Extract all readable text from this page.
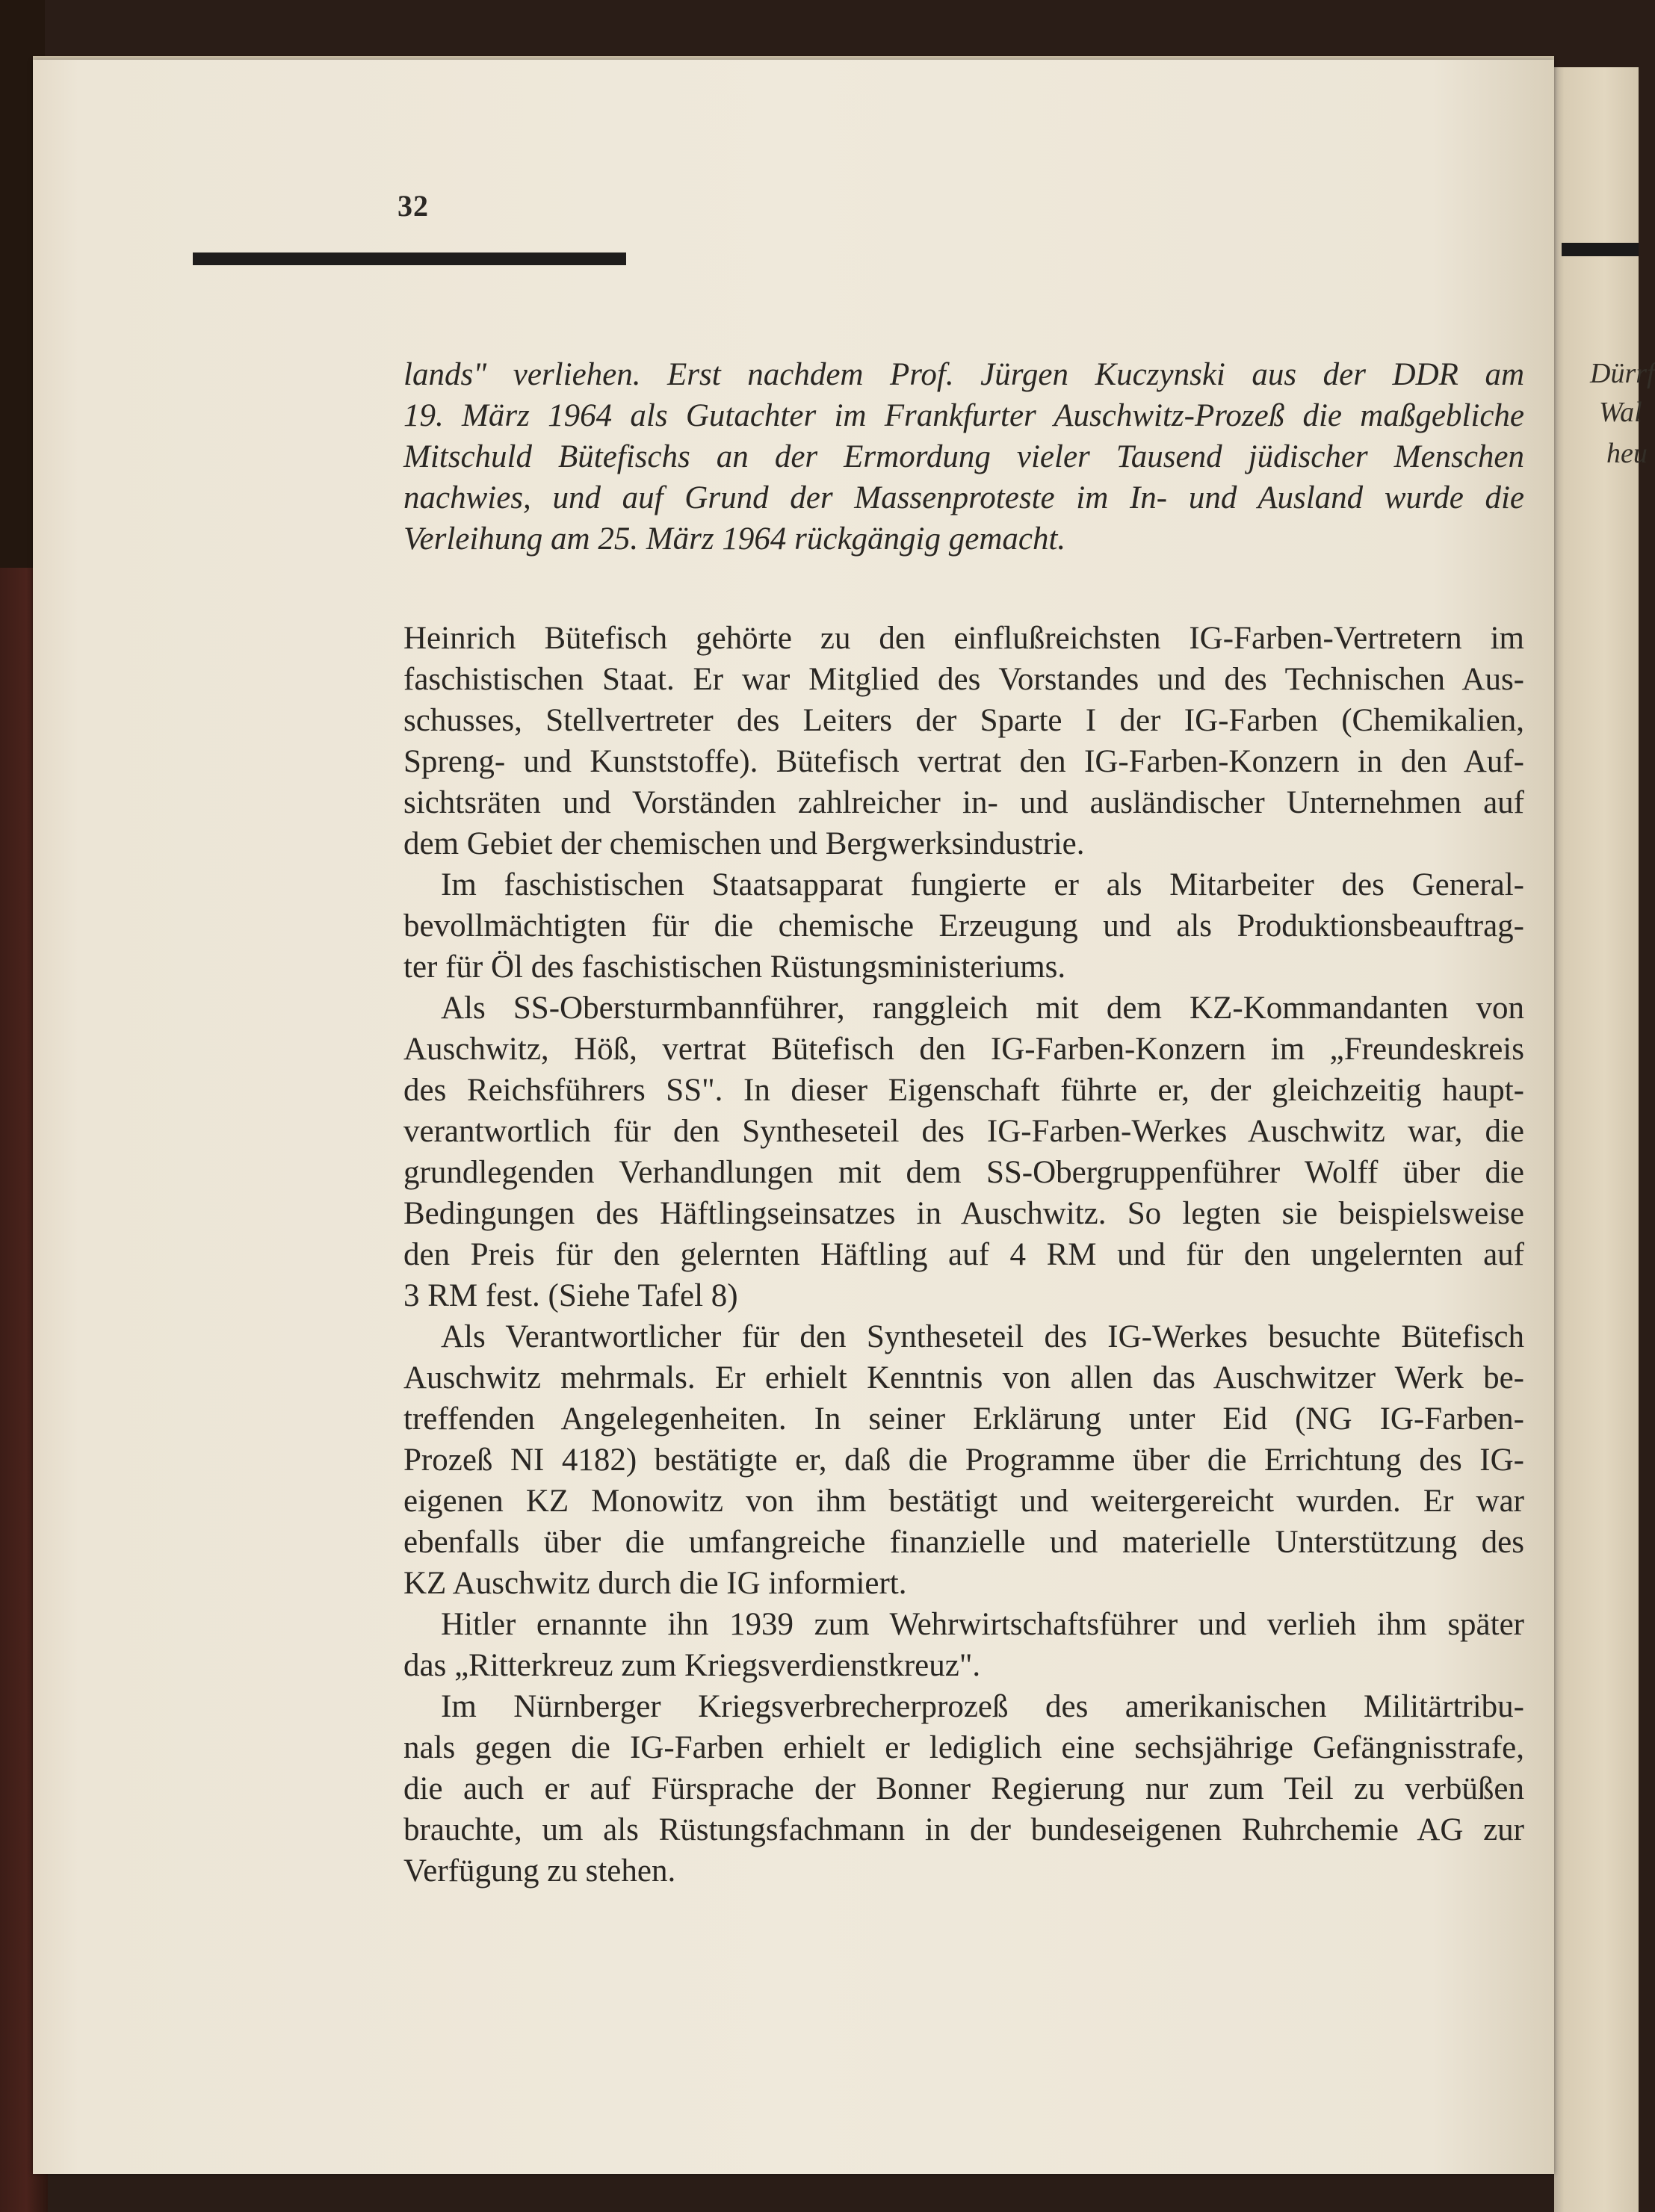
Dürrf
Wal
heu
32
lands" verliehen. Erst nachdem Prof. Jürgen Kuczynski aus der DDR am
19. März 1964 als Gutachter im Frankfurter Auschwitz-Prozeß die maßgebliche
Mitschuld Bütefischs an der Ermordung vieler Tausend jüdischer Menschen
nachwies, und auf Grund der Massenproteste im In- und Ausland wurde die
Verleihung am 25. März 1964 rückgängig gemacht.
Heinrich Bütefisch gehörte zu den einflußreichsten IG-Farben-Vertretern im
faschistischen Staat. Er war Mitglied des Vorstandes und des Technischen Aus-
schusses, Stellvertreter des Leiters der Sparte I der IG-Farben (Chemikalien,
Spreng- und Kunststoffe). Bütefisch vertrat den IG-Farben-Konzern in den Auf-
sichtsräten und Vorständen zahlreicher in- und ausländischer Unternehmen auf
dem Gebiet der chemischen und Bergwerksindustrie.
Im faschistischen Staatsapparat fungierte er als Mitarbeiter des General-
bevollmächtigten für die chemische Erzeugung und als Produktionsbeauftrag-
ter für Öl des faschistischen Rüstungsministeriums.
Als SS-Obersturmbannführer, ranggleich mit dem KZ-Kommandanten von
Auschwitz, Höß, vertrat Bütefisch den IG-Farben-Konzern im „Freundeskreis
des Reichsführers SS". In dieser Eigenschaft führte er, der gleichzeitig haupt-
verantwortlich für den Syntheseteil des IG-Farben-Werkes Auschwitz war, die
grundlegenden Verhandlungen mit dem SS-Obergruppenführer Wolff über die
Bedingungen des Häftlingseinsatzes in Auschwitz. So legten sie beispielsweise
den Preis für den gelernten Häftling auf 4 RM und für den ungelernten auf
3 RM fest. (Siehe Tafel 8)
Als Verantwortlicher für den Syntheseteil des IG-Werkes besuchte Bütefisch
Auschwitz mehrmals. Er erhielt Kenntnis von allen das Auschwitzer Werk be-
treffenden Angelegenheiten. In seiner Erklärung unter Eid (NG IG-Farben-
Prozeß NI 4182) bestätigte er, daß die Programme über die Errichtung des IG-
eigenen KZ Monowitz von ihm bestätigt und weitergereicht wurden. Er war
ebenfalls über die umfangreiche finanzielle und materielle Unterstützung des
KZ Auschwitz durch die IG informiert.
Hitler ernannte ihn 1939 zum Wehrwirtschaftsführer und verlieh ihm später
das „Ritterkreuz zum Kriegsverdienstkreuz".
Im Nürnberger Kriegsverbrecherprozeß des amerikanischen Militärtribu-
nals gegen die IG-Farben erhielt er lediglich eine sechsjährige Gefängnisstrafe,
die auch er auf Fürsprache der Bonner Regierung nur zum Teil zu verbüßen
brauchte, um als Rüstungsfachmann in der bundeseigenen Ruhrchemie AG zur
Verfügung zu stehen.
